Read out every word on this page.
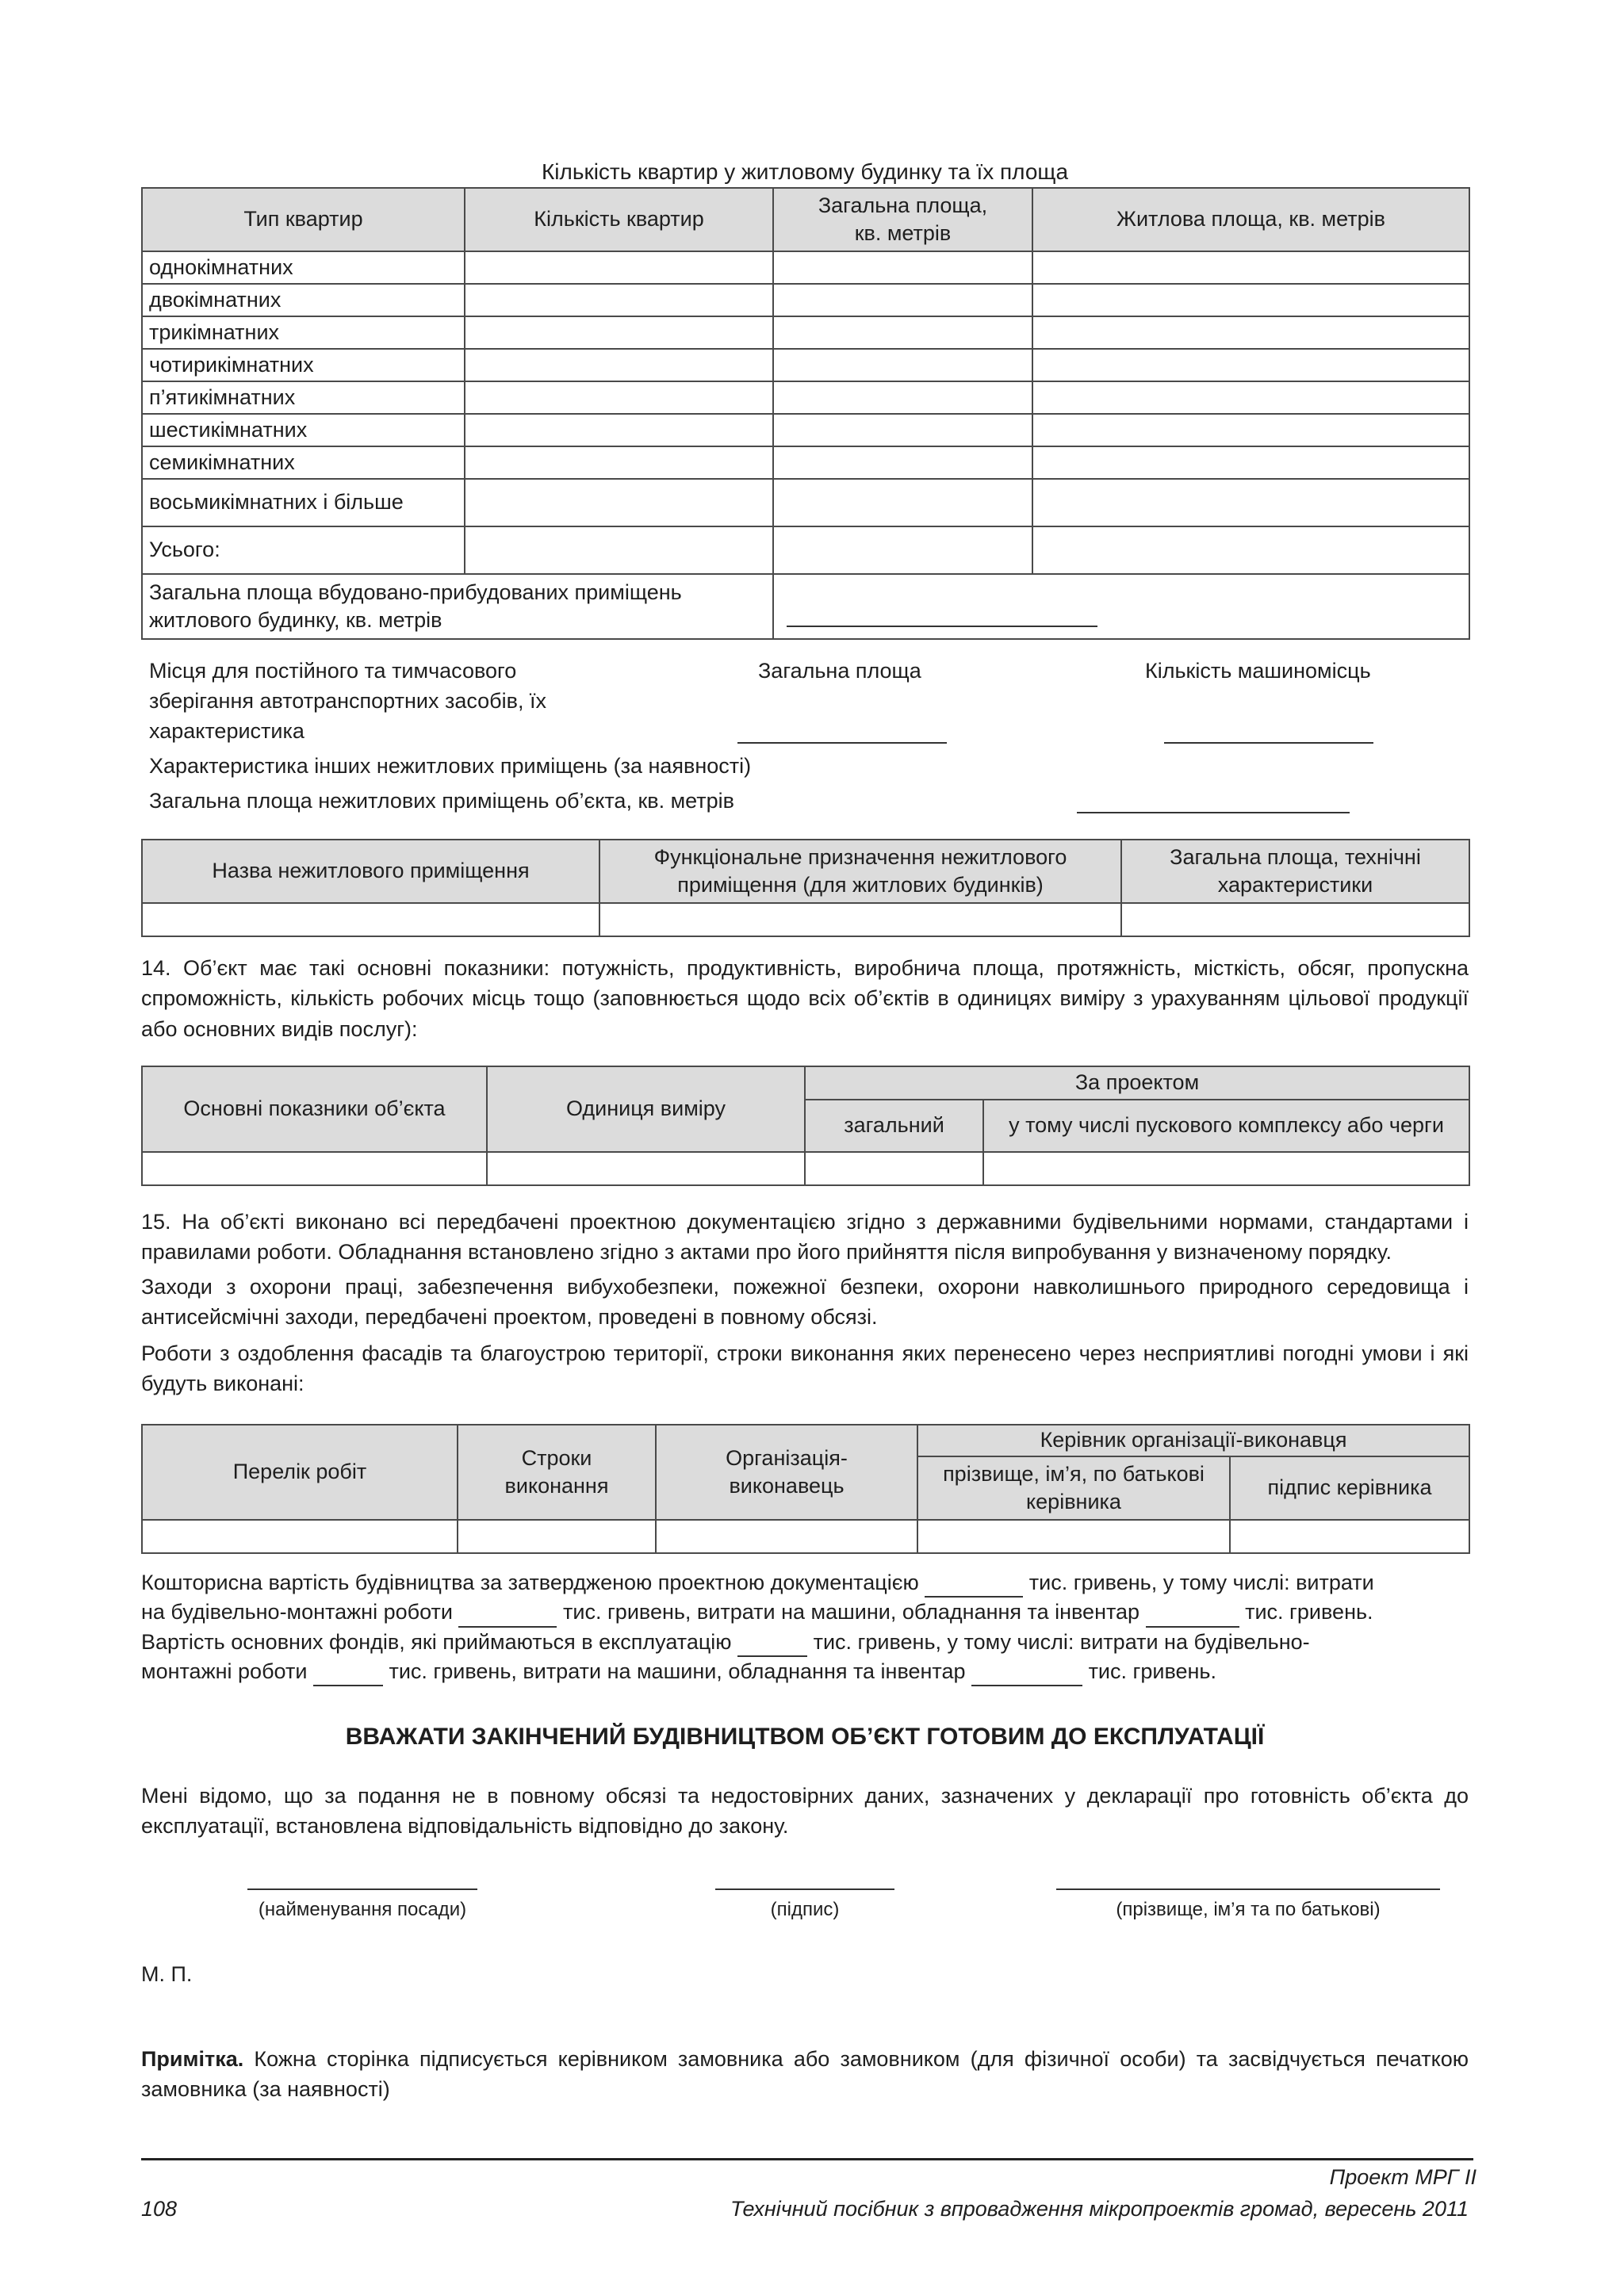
Кількість квартир у житловому будинку та їх площа
Тип квартир	Кількість квартир	Загальна площа, кв. метрів	Житлова площа, кв. метрів
однокімнатних			
двокімнатних			
трикімнатних			
чотирикімнатних			
п’ятикімнатних			
шестикімнатних			
семикімнатних			
восьмикімнатних і більше			
Усього:			
Загальна площа вбудовано-прибудованих приміщень житлового будинку, кв. метрів			
Місця для постійного та тимчасового зберігання автотранспортних засобів, їх характеристика
Загальна площа	Кількість машиномісць
Характеристика інших нежитлових приміщень (за наявності)
Загальна площа нежитлових приміщень об’єкта, кв. метрів
Назва нежитлового приміщення	Функціональне призначення нежитлового приміщення (для житлових будинків)	Загальна площа, технічні характеристики

14. Об’єкт має такі основні показники: потужність, продуктивність, виробнича площа, протяжність, місткість, обсяг, пропускна спроможність, кількість робочих місць тощо (заповнюється щодо всіх об’єктів в одиницях виміру з урахуванням цільової продукції або основних видів послуг):
Основні показники об’єкта	Одиниця виміру	За проектом	
		загальний	у тому числі пускового комплексу або черги

15. На об’єкті виконано всі передбачені проектною документацією згідно з державними будівельними нормами, стандартами і правилами роботи. Обладнання встановлено згідно з актами про його прийняття після випробування у визначеному порядку.
Заходи з охорони праці, забезпечення вибухобезпеки, пожежної безпеки, охорони навколишнього природного середовища і антисейсмічні заходи, передбачені проектом, проведені в повному обсязі.
Роботи з оздоблення фасадів та благоустрою території, строки виконання яких перенесено через несприятливі погодні умови і які будуть виконані:
Перелік робіт	Строки виконання	Організація-виконавець	Керівник організації-виконавця	
			прізвище, ім’я, по батькові керівника	підпис керівника

Кошторисна вартість будівництва за затвердженою проектною документацією	тис. гривень, у тому числі: витрати
на будівельно-монтажні роботи	тис. гривень, витрати на машини, обладнання та інвентар	тис. гривень.
Вартість основних фондів, які приймаються в експлуатацію	тис. гривень, у тому числі: витрати на будівельно-
монтажні роботи	тис. гривень, витрати на машини, обладнання та інвентар	тис. гривень.
ВВАЖАТИ ЗАКІНЧЕНИЙ БУДІВНИЦТВОМ ОБ’ЄКТ ГОТОВИМ ДО ЕКСПЛУАТАЦІЇ
Мені відомо, що за подання не в повному обсязі та недостовірних даних, зазначених у декларації про готовність об’єкта до експлуатації, встановлена відповідальність відповідно до закону.
(найменування посади)	(підпис)	(прізвище, ім’я та по батькові)
М. П.
Примітка. Кожна сторінка підписується керівником замовника або замовником (для фізичної особи) та засвідчується печаткою замовника (за наявності)
Проект МРГ II
108	Технічний посібник з впровадження мікропроектів громад, вересень 2011
